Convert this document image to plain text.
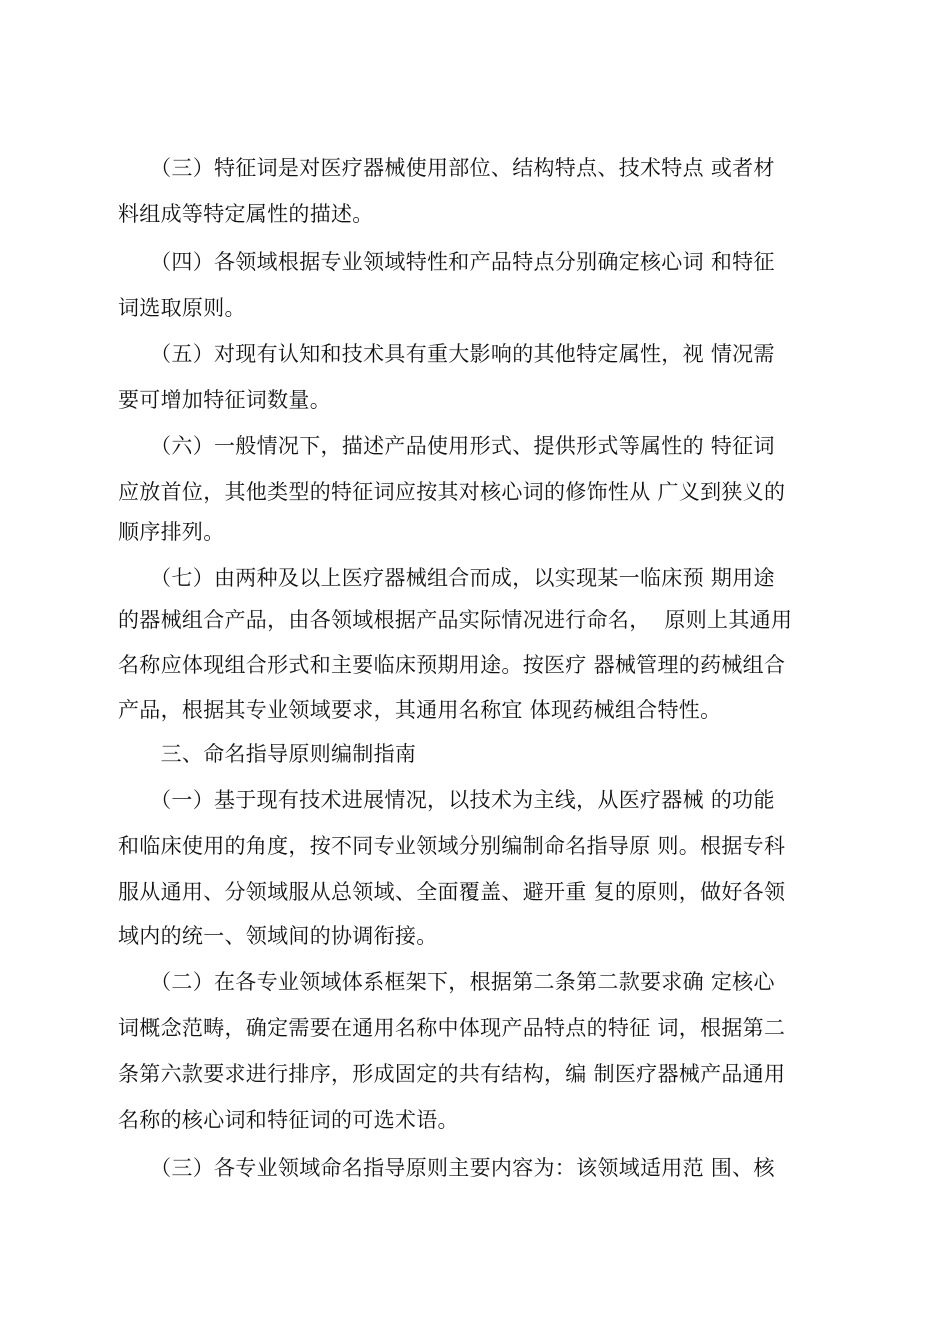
　　（三）特征词是对医疗器械使用部位、结构特点、技术特点 或者材
料组成等特定属性的描述。
　　（四）各领域根据专业领域特性和产品特点分别确定核心词 和特征
词选取原则。
　　（五）对现有认知和技术具有重大影响的其他特定属性，视 情况需
要可增加特征词数量。
　　（六）一般情况下，描述产品使用形式、提供形式等属性的 特征词
应放首位，其他类型的特征词应按其对核心词的修饰性从 广义到狭义的
顺序排列。
　　（七）由两种及以上医疗器械组合而成，以实现某一临床预 期用途
的器械组合产品，由各领域根据产品实际情况进行命名，  原则上其通用
名称应体现组合形式和主要临床预期用途。按医疗 器械管理的药械组合
产品，根据其专业领域要求，其通用名称宜 体现药械组合特性。
　　三、命名指导原则编制指南
　　（一）基于现有技术进展情况，以技术为主线，从医疗器械 的功能
和临床使用的角度，按不同专业领域分别编制命名指导原 则。根据专科
服从通用、分领域服从总领域、全面覆盖、避开重 复的原则，做好各领
域内的统一、领域间的协调衔接。
　　（二）在各专业领域体系框架下，根据第二条第二款要求确 定核心
词概念范畴，确定需要在通用名称中体现产品特点的特征 词，根据第二
条第六款要求进行排序，形成固定的共有结构，编 制医疗器械产品通用
名称的核心词和特征词的可选术语。
　　（三）各专业领域命名指导原则主要内容为：该领域适用范 围、核
